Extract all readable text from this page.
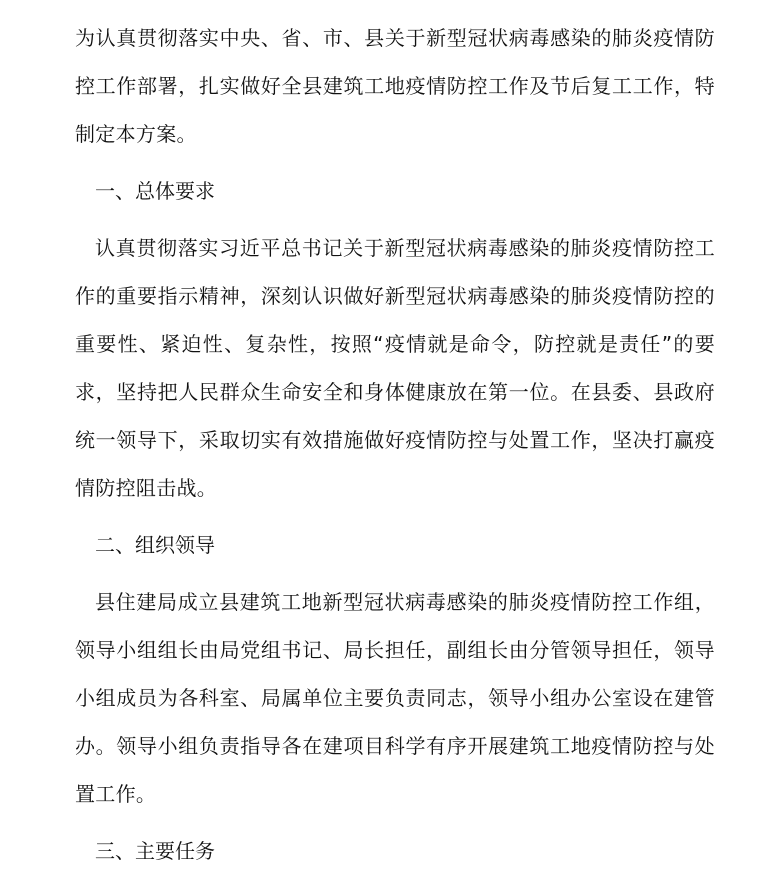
为认真贯彻落实中央、省、市、县关于新型冠状病毒感染的肺炎疫情防控工作部署，扎实做好全县建筑工地疫情防控工作及节后复工工作，特制定本方案。

一、总体要求

认真贯彻落实习近平总书记关于新型冠状病毒感染的肺炎疫情防控工作的重要指示精神，深刻认识做好新型冠状病毒感染的肺炎疫情防控的重要性、紧迫性、复杂性，按照“疫情就是命令，防控就是责任”的要求，坚持把人民群众生命安全和身体健康放在第一位。在县委、县政府统一领导下，采取切实有效措施做好疫情防控与处置工作，坚决打赢疫情防控阻击战。

二、组织领导

县住建局成立县建筑工地新型冠状病毒感染的肺炎疫情防控工作组，领导小组组长由局党组书记、局长担任，副组长由分管领导担任，领导小组成员为各科室、局属单位主要负责同志，领导小组办公室设在建管办。领导小组负责指导各在建项目科学有序开展建筑工地疫情防控与处置工作。

三、主要任务
